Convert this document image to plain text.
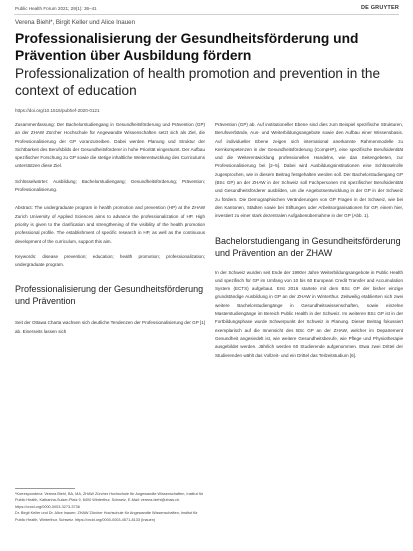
Public Health Forum 2021; 29(1): 36–41	DE GRUYTER
Verena Biehl*, Birgit Keller und Alice Inauen
Professionalisierung der Gesundheitsförderung und Prävention über Ausbildung fördern
Professionalization of health promotion and prevention in the context of education
https://doi.org/10.1515/pubhef-2020-0121

Zusammenfassung: Der Bachelorstudiengang in Gesundheitsförderung und Prävention (GP) an der ZHAW Zürcher Hochschule für Angewandte Wissenschaften setzt sich als Ziel, die Professionalisierung der GP voranzutreiben. Dabei werden Planung und Struktur der Sichtbarkeit des Berufsbilds der Gesundheitsförderer in hohe Priorität eingeräumt. Der Aufbau spezifischer Forschung zu GP sowie die stetige inhaltliche Weiterentwicklung des Curriculums unterstützen diese Ziel.

Schlüsselwörter: Ausbildung; Bachelorstudiengang; Gesundheitsförderung; Prävention; Professionalisierung.

Abstract: The undergraduate program in health promotion and prevention (HP) at the ZHAW Zurich University of Applied Sciences aims to advance the professionalization of HP. High priority is given to the clarification and strengthening of the visibility of the health promotion professional profile. The establishment of specific research in HP, as well as the continuous development of the curriculum, support this aim.

Keywords: disease prevention; education; health promotion; professionalization; undergraduate program.

Professionalisierung der Gesundheitsförderung und Prävention

Seit der Ottawa Charta wachsen sich deutliche Tendenzen der Professionalisierung der GP [1] ab. Einerseits lassen sich

*Korrespondenz: Verena Biehl, BA, MA, ZHAW Zürcher Hochschule für Angewandte Wissenschaften, Institut für Public Health, Katharina-Sulzer-Platz 9, 8400 Winterthur, Schweiz, E-Mail: verena.biehl@zhaw.ch. https://orcid.org/0000-0003-3273-3736
Dr. Birgit Keller und Dr. Alice Inauen: ZHAW Zürcher Hochschule für Angewandte Wissenschaften, Institut für Public Health, Winterthur, Schweiz. https://orcid.org/0000-0003-4571-8133 (Inauen)

Prävention (GP) ab. Auf institutioneller Ebene sind dies zum Beispiel spezifische Strukturen, Berufsverbände, Aus- und Weiterbildungsangebote sowie den Aufbau einer Wissensbasis. Auf individueller Ebene zeigen sich international anerkannte Rahmenmodelle zu Kernkompetenzen in der Gesundheitsförderung (CompHP), eine spezifische Berufsidentität und die Weiterentwicklung professionellen Handelns, wie das Seitengebeten, zur Professionalisierung bei [2–5]. Dabei wird Ausbildungsinstitutionen eine Schlüsselrolle zugesprochen, wie in diesem Beitrag festgehalten werden soll. Der Bachelorstudiengang GP (BSc GP) an der ZHAW in der Schweiz soll Fachpersonen mit spezifischer Berufsidentität und Gesundheitsförderer ausbilden, um die Angebotsentwicklung in der GP in der Schweiz zu fördern. Die Demographischen Veränderungen von GP Fragen in der Schweiz, wie bei den Kantonen, Städten sowie bei Stiftungen oder Arbeitsorganisationen für GP, einem hier, investiert zu einer stark dezentralen Aufgabenübernahme in der GP (Abb. 1).

Bachelorstudiengang in Gesundheitsförderung und Prävention an der ZHAW

In der Schweiz wurden seit Ende der 1990er Jahre Weiterbildungsangebote in Public Health und spezifisch für GP im Umfang von 10 bis 60 European Credit Transfer and Accumulation System (ECTS) aufgebaut. Erst 2016 startete mit dem BSc GP der bisher einzige grundständige Ausbildung in GP an der ZHAW in Winterthur. Zeitweilig etablierten sich zwei weitere Bachelorstudiengänge in Gesundheitswissenschaften, sowie einzelne Masterstudiengänge im Bereich Public Health in der Schweiz. Im weiteren BSc GP ist in der Fortbildungsphase wurde Schwerpunkt der Schweiz in Planung. Dieser Beitrag fokussiert exemplarisch auf die Innensicht des BSc GP an der ZHAW, welcher im Departement Gesundheit angesiedelt ist, wie weitere Gesundheitsberufe, wie Pflege und Physiotherapie ausgebildet werden. Jährlich werden 60 Studierende aufgenommen. Etwa zwei Drittel der Studierenden wählt das Vollzeit- und ein Drittel das Teilzeitstudium [6].
